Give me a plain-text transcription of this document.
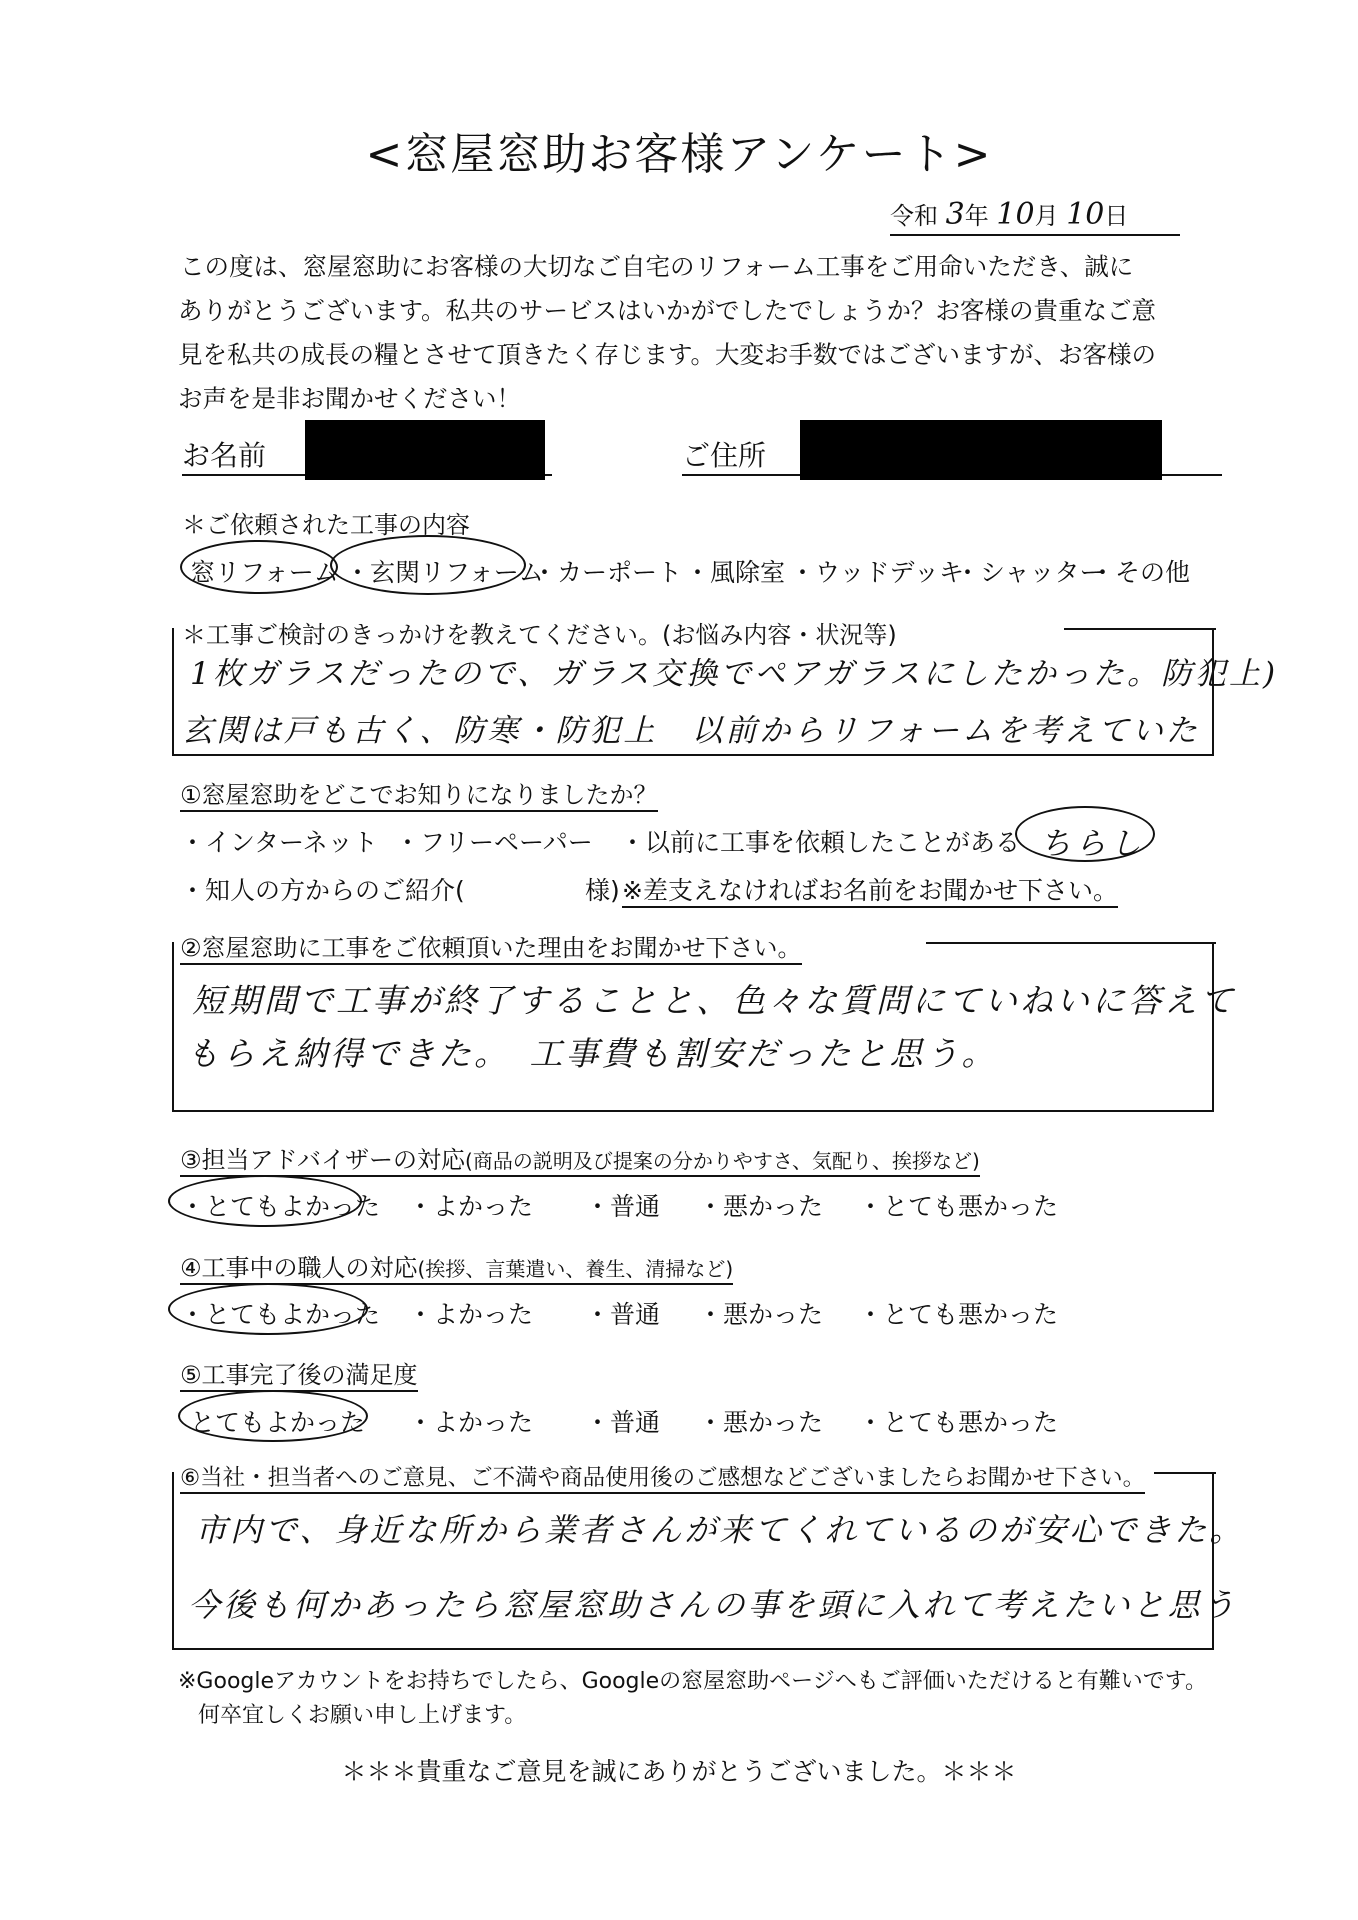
<窓屋窓助お客様アンケート>
令和 3年 10月 10日
この度は、窓屋窓助にお客様の大切なご自宅のリフォーム工事をご用命いただき、誠に
ありがとうございます。私共のサービスはいかがでしたでしょうか？お客様の貴重なご意
見を私共の成長の糧とさせて頂きたく存じます。大変お手数ではございますが、お客様の
お声を是非お聞かせください！
お名前	ご住所
＊ご依頼された工事の内容
窓リフォーム ・玄関リフォーム
・カーポート ・風除室 ・ウッドデッキ
・シャッター
・その他
＊工事ご検討のきっかけを教えてください。(お悩み内容・状況等)
1枚ガラスだったので、ガラス交換でペアガラスにしたかった。防犯上)
玄関は戸も古く、防寒・防犯上　以前からリフォームを考えていた
①窓屋窓助をどこでお知りになりましたか？
・インターネット ・フリーペーパー ・以前に工事を依頼したことがある ちらし
・知人の方からのご紹介(	様) ※差支えなければお名前をお聞かせ下さい。
②窓屋窓助に工事をご依頼頂いた理由をお聞かせ下さい。
短期間で工事が終了することと、色々な質問にていねいに答えて
もらえ納得できた。　工事費も割安だったと思う。
③担当アドバイザーの対応(商品の説明及び提案の分かりやすさ、気配り、挨拶など)
・とてもよかった ・よかった ・普通 ・悪かった ・とても悪かった
④工事中の職人の対応(挨拶、言葉遣い、養生、清掃など)
・とてもよかった ・よかった ・普通 ・悪かった ・とても悪かった
⑤工事完了後の満足度
とてもよかった ・よかった ・普通 ・悪かった ・とても悪かった
⑥当社・担当者へのご意見、ご不満や商品使用後のご感想などございましたらお聞かせ下さい。
市内で、身近な所から業者さんが来てくれているのが安心できた。
今後も何かあったら窓屋窓助さんの事を頭に入れて考えたいと思う
※Googleアカウントをお持ちでしたら、Googleの窓屋窓助ページへもご評価いただけると有難いです。
何卒宜しくお願い申し上げます。
＊＊＊貴重なご意見を誠にありがとうございました。＊＊＊
